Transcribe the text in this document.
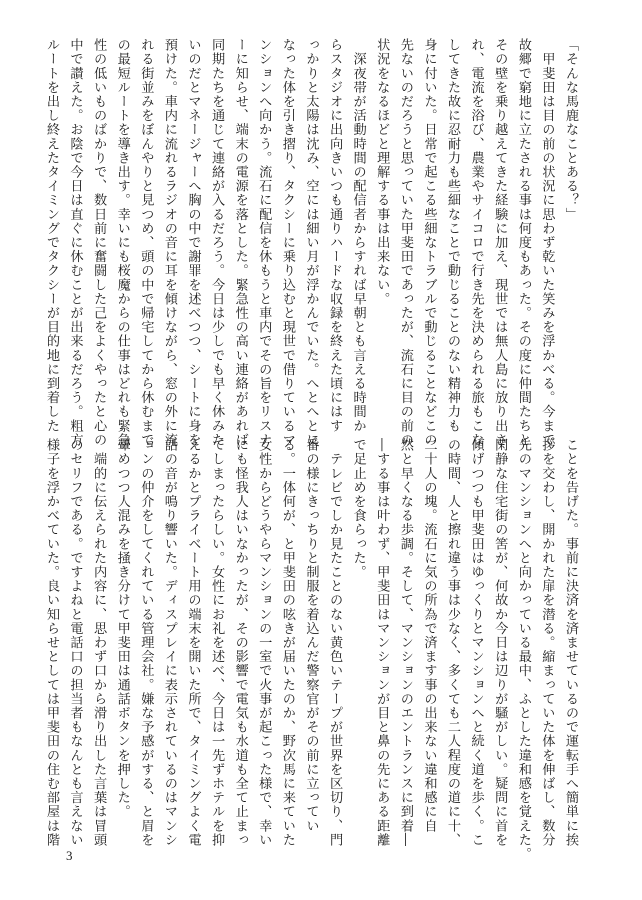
「そんな馬鹿なことある？」
　甲斐田は目の前の状況に思わず乾いた笑みを浮かべる。今まで
故郷で窮地に立たされる事は何度もあった。その度に仲間たちと
その壁を乗り越えてきた経験に加え、現世では無人島に放り出さ
れ、電流を浴び、農業やサイコロで行き先を決められる旅もこな
してきた故に忍耐力も些細なことで動じることのない精神力も
身に付いた。日常で起こる些細なトラブルで動じることなどこの
先ないのだろうと思っていた甲斐田であったが、流石に目の前の
状況をなるほどと理解する事は出来ない。
　深夜帯が活動時間の配信者からすれば早朝とも言える時間か
らスタジオに出向きいつも通りハードな収録を終えた頃にはす
っかりと太陽は沈み、空には細い月が浮かんでいた。へとへとに
なった体を引き摺り、タクシーに乗り込むと現世で借りているマ
ンションへ向かう。流石に配信を休もうと車内でその旨をリスナ
ーに知らせ、端末の電源を落とした。緊急性の高い連絡があれば
同期たちを通じて連絡が入るだろう。今日は少しでも早く休みた
いのだとマネージャーへ胸の中で謝罪を述べつつ、シートに身を
預けた。車内に流れるラジオの音に耳を傾けながら、窓の外に流
れる街並みをぼんやりと見つめ、頭の中で帰宅してから休むまで
の最短ルートを導き出す。幸いにも桜魔からの仕事はどれも緊急
性の低いものばかりで、数日前に奮闘した己をよくやったと心の
中で讃えた。お陰で今日は直ぐに休むことが出来るだろう。粗方
ルートを出し終えたタイミングでタクシーが目的地に到着した
ことを告げた。事前に決済を済ませているので運転手へ簡単に挨
拶を交わし、開かれた扉を潜る。縮まっていた体を伸ばし、数分
先のマンションへと向かっている最中、ふとした違和感を覚えた。
閑静な住宅街の筈が、何故か今日は辺りが騒がしい。疑問に首を
傾げつつも甲斐田はゆっくりとマンションへと続く道を歩く。こ
の時間、人と擦れ違う事は少なく、多くても二人程度の道に十、
二十人の塊。流石に気の所為で済ます事の出来ない違和感に自
然と早くなる歩調。そして、マンションのエントランスに到着―
―する事は叶わず、甲斐田はマンションが目と鼻の先にある距離
で足止めを食らった。
　テレビでしか見たことのない黄色いテープが世界を区切り、門
番の様にきっちりと制服を着込んだ警察官がその前に立ってい
る。一体何が、と甲斐田の呟きが届いたのか、野次馬に来ていた
女性からどうやらマンションの一室で火事が起こった様で、幸い
にも怪我人はいなかったが、その影響で電気も水道も全て止まっ
てしまったらしい。女性にお礼を述べ、今日は一先ずホテルを抑
えるかとプライベート用の端末を開いた所で、タイミングよく電
話の音が鳴り響いた。ディスプレイに表示されているのはマンシ
ョンの仲介をしてくれている管理会社。嫌な予感がする、と眉を
顰めつつ人混みを掻き分けて甲斐田は通話ボタンを押した。
　端的に伝えられた内容に、思わず口から滑り出した言葉は冒頭
のセリフである。ですよねと電話口の担当者もなんとも言えない
様子を浮かべていた。良い知らせとしては甲斐田の住む部屋は階
3
